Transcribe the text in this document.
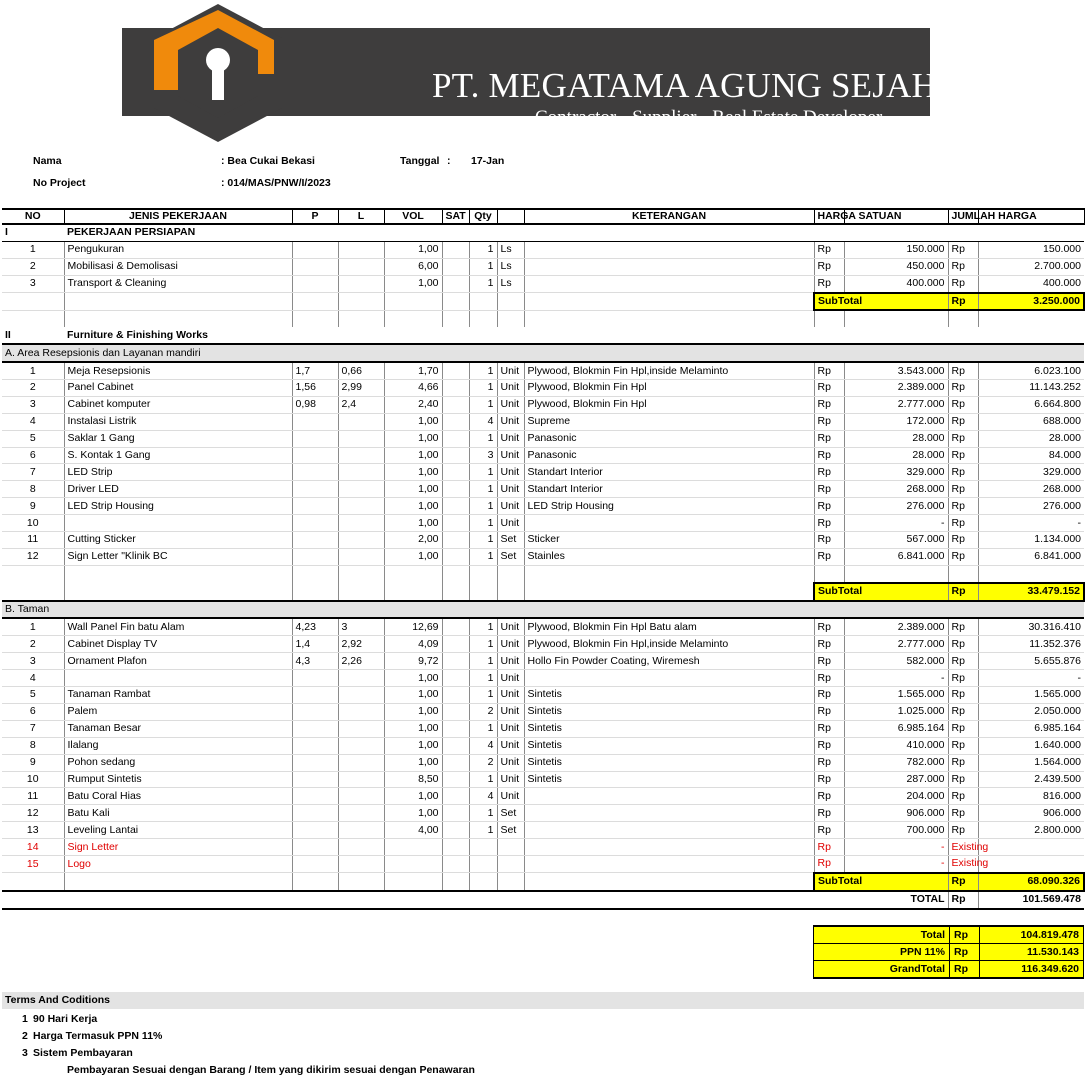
PT. MEGATAMA AGUNG SEJAHTERA
Contractor - Supplier - Real Estate Developer
Nama	: Bea Cukai Bekasi	Tanggal : 17-Jan
No Project	: 014/MAS/PNW/I/2023
NO	JENIS PEKERJAAN	P	L	VOL	SAT	Qty		KETERANGAN	HARGA SATUAN		JUMLAH HARGA	
I	PEKERJAAN PERSIAPAN											
1	Pengukuran			1,00		1	Ls		Rp	150.000	Rp	150.000
2	Mobilisasi & Demolisasi			6,00		1	Ls		Rp	450.000	Rp	2.700.000
3	Transport & Cleaning			1,00		1	Ls		Rp	400.000	Rp	400.000
									SubTotal		Rp	3.250.000

II	Furniture & Finishing Works											
A. Area Resepsionis dan Layanan mandiri												
1	Meja Resepsionis	1,7	0,66	1,70		1	Unit	Plywood, Blokmin Fin Hpl,inside Melaminto	Rp	3.543.000	Rp	6.023.100
2	Panel Cabinet	1,56	2,99	4,66		1	Unit	Plywood, Blokmin Fin Hpl	Rp	2.389.000	Rp	11.143.252
3	Cabinet komputer	0,98	2,4	2,40		1	Unit	Plywood, Blokmin Fin Hpl	Rp	2.777.000	Rp	6.664.800
4	Instalasi Listrik			1,00		4	Unit	Supreme	Rp	172.000	Rp	688.000
5	Saklar 1 Gang			1,00		1	Unit	Panasonic	Rp	28.000	Rp	28.000
6	S. Kontak 1 Gang			1,00		3	Unit	Panasonic	Rp	28.000	Rp	84.000
7	LED Strip			1,00		1	Unit	Standart Interior	Rp	329.000	Rp	329.000
8	Driver LED			1,00		1	Unit	Standart Interior	Rp	268.000	Rp	268.000
9	LED Strip Housing			1,00		1	Unit	LED Strip Housing	Rp	276.000	Rp	276.000
10				1,00		1	Unit		Rp	-	Rp	-
11	Cutting Sticker			2,00		1	Set	Sticker	Rp	567.000	Rp	1.134.000
12	Sign Letter "Klinik BC			1,00		1	Set	Stainles	Rp	6.841.000	Rp	6.841.000

									SubTotal		Rp	33.479.152
B. Taman												
1	Wall Panel Fin batu Alam	4,23	3	12,69		1	Unit	Plywood, Blokmin Fin Hpl Batu alam	Rp	2.389.000	Rp	30.316.410
2	Cabinet Display TV	1,4	2,92	4,09		1	Unit	Plywood, Blokmin Fin Hpl,inside Melaminto	Rp	2.777.000	Rp	11.352.376
3	Ornament Plafon	4,3	2,26	9,72		1	Unit	Hollo Fin Powder Coating, Wiremesh	Rp	582.000	Rp	5.655.876
4				1,00		1	Unit		Rp	-	Rp	-
5	Tanaman Rambat			1,00		1	Unit	Sintetis	Rp	1.565.000	Rp	1.565.000
6	Palem			1,00		2	Unit	Sintetis	Rp	1.025.000	Rp	2.050.000
7	Tanaman Besar			1,00		1	Unit	Sintetis	Rp	6.985.164	Rp	6.985.164
8	Ilalang			1,00		4	Unit	Sintetis	Rp	410.000	Rp	1.640.000
9	Pohon sedang			1,00		2	Unit	Sintetis	Rp	782.000	Rp	1.564.000
10	Rumput Sintetis			8,50		1	Unit	Sintetis	Rp	287.000	Rp	2.439.500
11	Batu Coral Hias			1,00		4	Unit		Rp	204.000	Rp	816.000
12	Batu Kali			1,00		1	Set		Rp	906.000	Rp	906.000
13	Leveling Lantai			4,00		1	Set		Rp	700.000	Rp	2.800.000
14	Sign Letter								Rp	-	Existing	
15	Logo								Rp	-	Existing	
									SubTotal		Rp	68.090.326
TOTAL											Rp	101.569.478
Total	Rp	104.819.478
PPN 11%	Rp	11.530.143
GrandTotal	Rp	116.349.620
Terms And Coditions
1 90 Hari Kerja
2 Harga Termasuk PPN 11%
3 Sistem Pembayaran
Pembayaran Sesuai dengan Barang / Item yang dikirim sesuai dengan Penawaran
